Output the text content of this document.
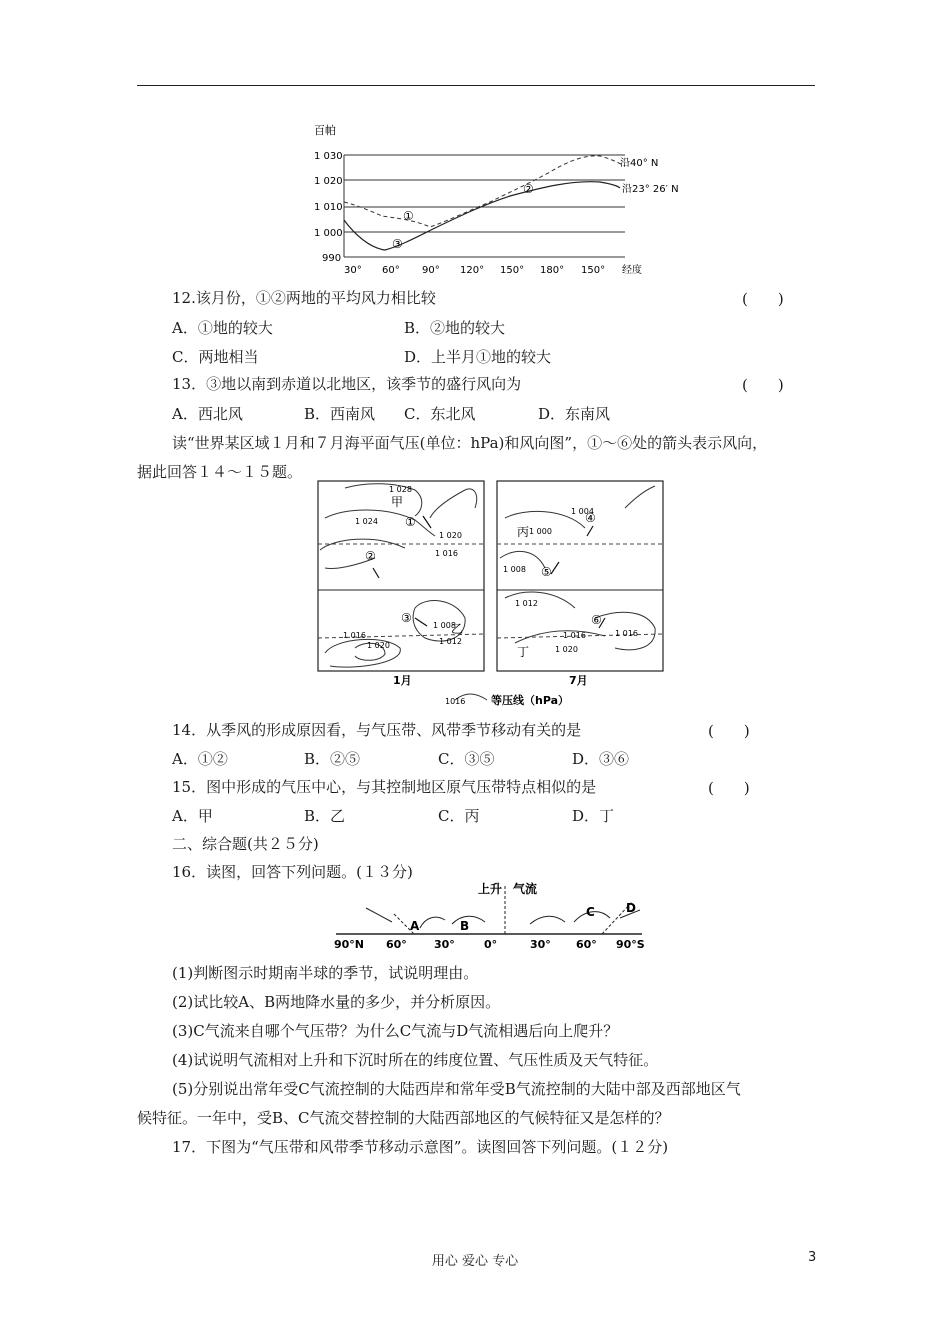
百帕
1 030
1 020
1 010
1 000
990
30° 60° 90° 120° 150° 180° 150° 经度
沿40° N
沿23° 26′ N
①
②
③
12.该月份，①②两地的平均风力相比较	(　　)
A．①地的较大	B．②地的较大
C．两地相当	D．上半月①地的较大
13．③地以南到赤道以北地区，该季节的盛行风向为	(　　)
A．西北风	B．西南风 C．东北风	D．东南风
读“世界某区域１月和７月海平面气压(单位：hPa)和风向图”，①～⑥处的箭头表示风向，
据此回答１４～１５题。
1 028
1 024
1 020
1 016
1 008
1 012
1 016
1 020
1 004
1 000
1 008
1 012
1 016	1 016
1 020
甲
乙
丙
丁
①
②
③
④
⑤
⑥
1月	7月
1016 等压线（hPa）
14．从季风的形成原因看，与气压带、风带季节移动有关的是	(　　)
A．①②	B．②⑤	C．③⑤	D．③⑥
15．图中形成的气压中心，与其控制地区原气压带特点相似的是	(　　)
A．甲	B．乙	C．丙	D．丁
二、综合题(共２５分)
16．读图，回答下列问题。(１３分)
上升 气流
A	B
C	D
90°N 60° 30°	0°	30° 60° 90°S
(1)判断图示时期南半球的季节，试说明理由。
(2)试比较A、B两地降水量的多少，并分析原因。
(3)C气流来自哪个气压带？为什么C气流与D气流相遇后向上爬升？
(4)试说明气流相对上升和下沉时所在的纬度位置、气压性质及天气特征。
(5)分别说出常年受C气流控制的大陆西岸和常年受B气流控制的大陆中部及西部地区气
候特征。一年中，受B、C气流交替控制的大陆西部地区的气候特征又是怎样的？
17．下图为“气压带和风带季节移动示意图”。读图回答下列问题。(１２分)
用心 爱心 专心	3
